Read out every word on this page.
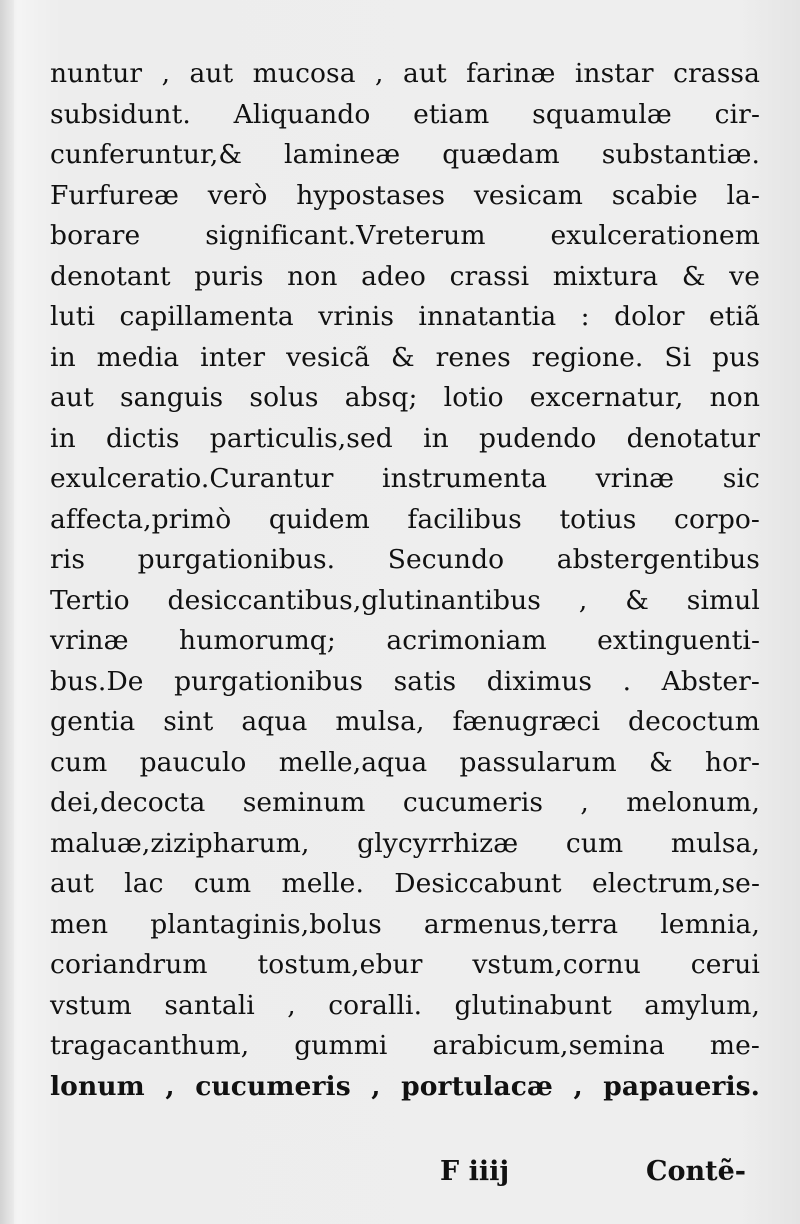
nuntur , aut mucosa , aut farinæ instar crassa
subsidunt. Aliquando etiam squamulæ cir-
cunferuntur,& lamineæ quædam substantiæ.
Furfureæ verò hypostases vesicam scabie la-
borare significant.Vreterum exulcerationem
denotant puris non adeo crassi mixtura & ve
luti capillamenta vrinis innatantia : dolor etiã
in media inter vesicã & renes regione. Si pus
aut sanguis solus absq; lotio excernatur, non
in dictis particulis,sed in pudendo denotatur
exulceratio.Curantur instrumenta vrinæ sic
affecta,primò quidem facilibus totius corpo-
ris purgationibus. Secundo abstergentibus
Tertio desiccantibus,glutinantibus , & simul
vrinæ humorumq; acrimoniam extinguenti-
bus.De purgationibus satis diximus . Abster-
gentia sint aqua mulsa, fænugræci decoctum
cum pauculo melle,aqua passularum & hor-
dei,decocta seminum cucumeris , melonum,
maluæ,zizipharum, glycyrrhizæ cum mulsa,
aut lac cum melle. Desiccabunt electrum,se-
men plantaginis,bolus armenus,terra lemnia,
coriandrum tostum,ebur vstum,cornu cerui
vstum santali , coralli. glutinabunt amylum,
tragacanthum, gummi arabicum,semina me-
lonum , cucumeris , portulacæ , papaueris.
F iiij	Contẽ-
